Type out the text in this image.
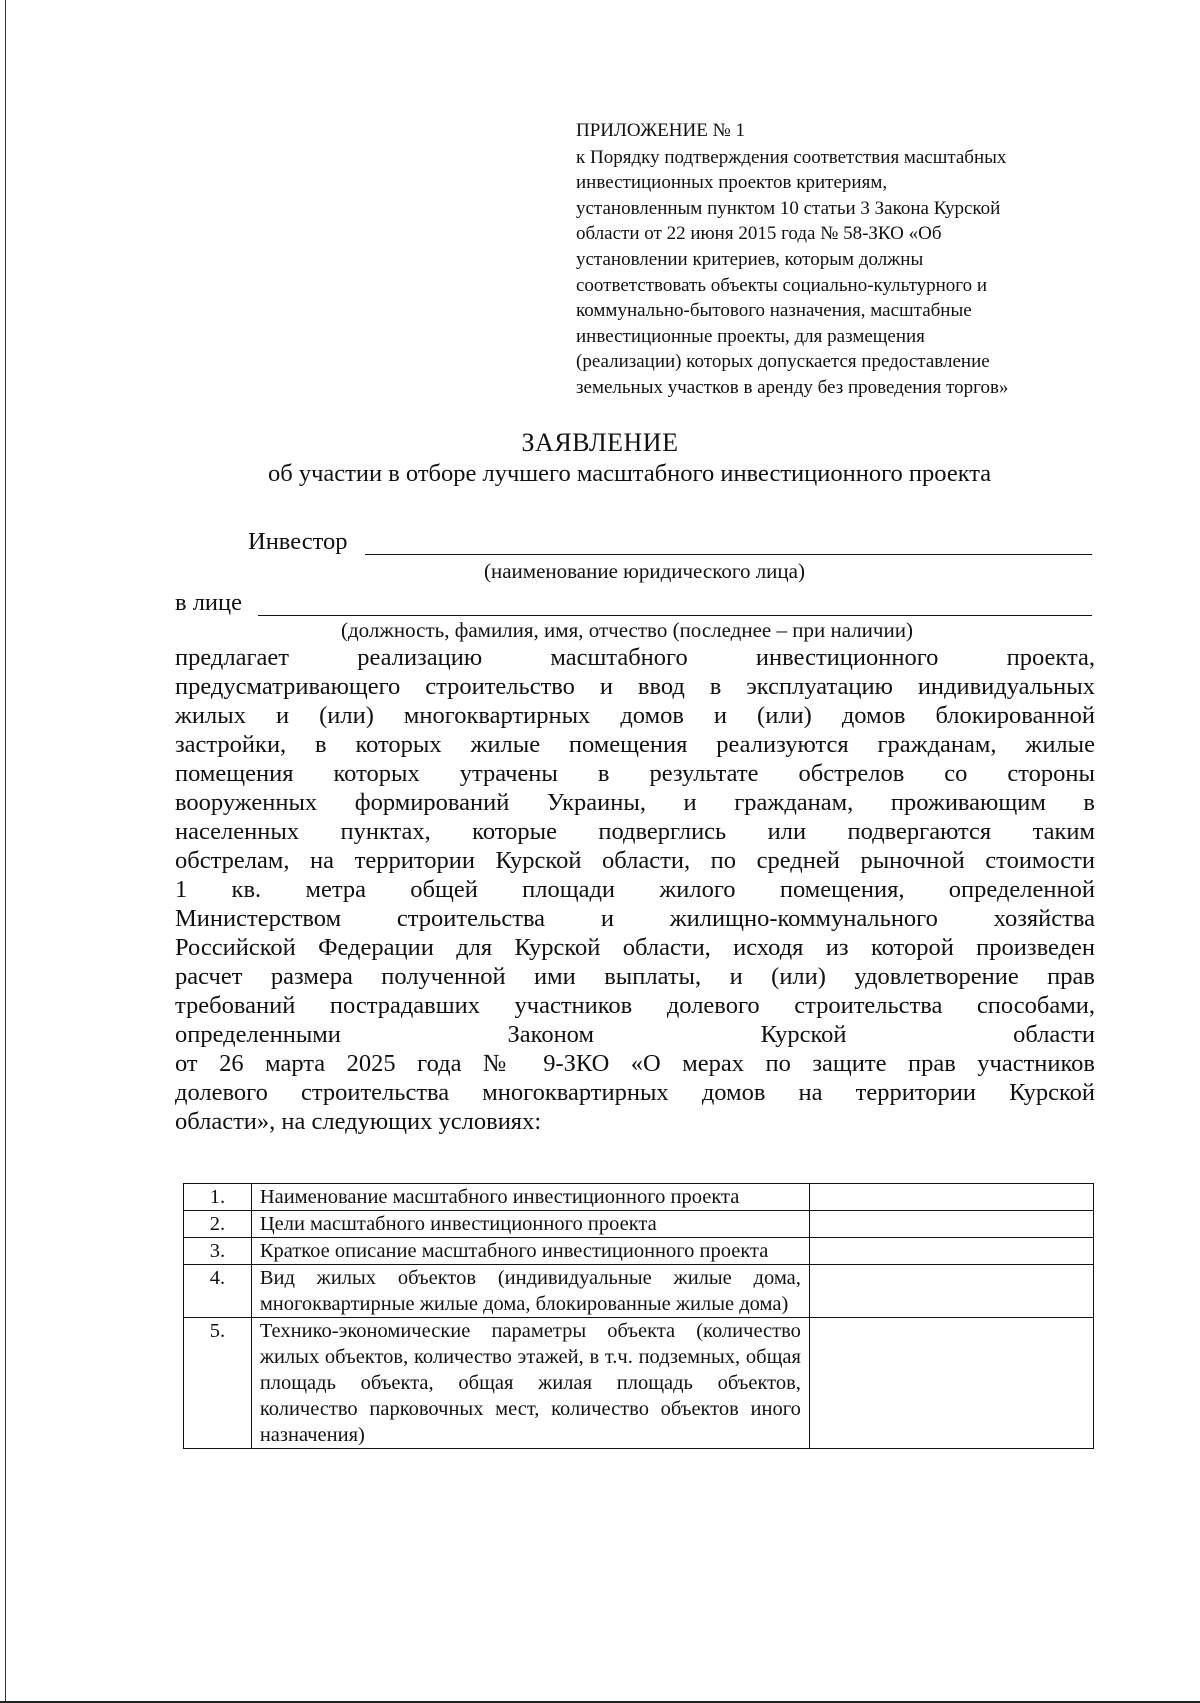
ПРИЛОЖЕНИЕ № 1
к Порядку подтверждения соответствия масштабных
инвестиционных проектов критериям,
установленным пунктом 10 статьи 3 Закона Курской
области от 22 июня 2015 года № 58-ЗКО «Об
установлении критериев, которым должны
соответствовать объекты социально-культурного и
коммунально-бытового назначения, масштабные
инвестиционные проекты, для размещения
(реализации) которых допускается предоставление
земельных участков в аренду без проведения торгов»
ЗАЯВЛЕНИЕ
об участии в отборе лучшего масштабного инвестиционного проекта
Инвестор
(наименование юридического лица)
в лице
(должность, фамилия, имя, отчество (последнее – при наличии)
предлагает реализацию масштабного инвестиционного проекта,
предусматривающего строительство и ввод в эксплуатацию индивидуальных
жилых и (или) многоквартирных домов и (или) домов блокированной
застройки, в которых жилые помещения реализуются гражданам, жилые
помещения которых утрачены в результате обстрелов со стороны
вооруженных формирований Украины, и гражданам, проживающим в
населенных пунктах, которые подверглись или подвергаются таким
обстрелам, на территории Курской области, по средней рыночной стоимости
1 кв. метра общей площади жилого помещения, определенной
Министерством строительства и жилищно-коммунального хозяйства
Российской Федерации для Курской области, исходя из которой произведен
расчет размера полученной ими выплаты, и (или) удовлетворение прав
требований пострадавших участников долевого строительства способами,
определенными Законом Курской области
от 26 марта 2025 года № 9-ЗКО «О мерах по защите прав участников
долевого строительства многоквартирных домов на территории Курской
области», на следующих условиях:
1.	Наименование масштабного инвестиционного проекта	
2.	Цели масштабного инвестиционного проекта	
3.	Краткое описание масштабного инвестиционного проекта	
4.	Вид жилых объектов (индивидуальные жилые дома, многоквартирные жилые дома, блокированные жилые дома)	
5.	Технико-экономические параметры объекта (количество жилых объектов, количество этажей, в т.ч. подземных, общая площадь объекта, общая жилая площадь объектов, количество парковочных мест, количество объектов иного назначения)	
